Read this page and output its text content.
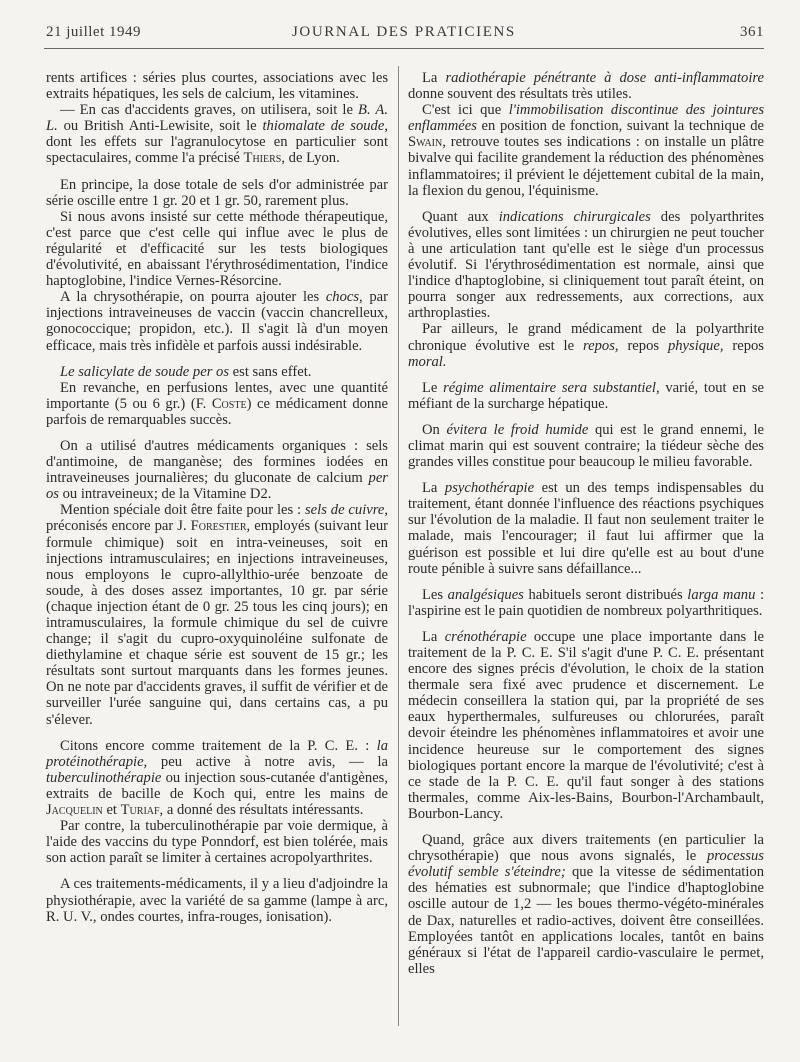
21 juillet 1949	JOURNAL DES PRATICIENS	361

rents artifices : séries plus courtes, associations avec les extraits hépatiques, les sels de calcium, les vitamines.

— En cas d'accidents graves, on utilisera, soit le B. A. L. ou British Anti-Lewisite, soit le thiomalate de soude, dont les effets sur l'agranulocytose en particulier sont spectaculaires, comme l'a précisé Thiers, de Lyon.

En principe, la dose totale de sels d'or administrée par série oscille entre 1 gr. 20 et 1 gr. 50, rarement plus.

Si nous avons insisté sur cette méthode thérapeutique, c'est parce que c'est celle qui influe avec le plus de régularité et d'efficacité sur les tests biologiques d'évolutivité, en abaissant l'érythrosédimentation, l'indice haptoglobine, l'indice Vernes-Résorcine.

A la chrysothérapie, on pourra ajouter les chocs, par injections intraveineuses de vaccin (vaccin chancrelleux, gonococcique; propidon, etc.). Il s'agit là d'un moyen efficace, mais très infidèle et parfois aussi indésirable.

Le salicylate de soude per os est sans effet.

En revanche, en perfusions lentes, avec une quantité importante (5 ou 6 gr.) (F. Coste) ce médicament donne parfois de remarquables succès.

On a utilisé d'autres médicaments organiques : sels d'antimoine, de manganèse; des formines iodées en intraveineuses journalières; du gluconate de calcium per os ou intraveineux; de la Vitamine D2.

Mention spéciale doit être faite pour les : sels de cuivre, préconisés encore par J. Forestier, employés (suivant leur formule chimique) soit en intra-veineuses, soit en injections intramusculaires; en injections intraveineuses, nous employons le cupro-allylthio-urée benzoate de soude, à des doses assez importantes, 10 gr. par série (chaque injection étant de 0 gr. 25 tous les cinq jours); en intramusculaires, la formule chimique du sel de cuivre change; il s'agit du cupro-oxyquinoléine sulfonate de diethylamine et chaque série est souvent de 15 gr.; les résultats sont surtout marquants dans les formes jeunes. On ne note par d'accidents graves, il suffit de vérifier et de surveiller l'urée sanguine qui, dans certains cas, a pu s'élever.

Citons encore comme traitement de la P. C. E. : la protéinothérapie, peu active à notre avis, — la tuberculinothérapie ou injection sous-cutanée d'antigènes, extraits de bacille de Koch qui, entre les mains de Jacquelin et Turiaf, a donné des résultats intéressants.

Par contre, la tuberculinothérapie par voie dermique, à l'aide des vaccins du type Ponndorf, est bien tolérée, mais son action paraît se limiter à certaines acropolyarthrites.

A ces traitements-médicaments, il y a lieu d'adjoindre la physiothérapie, avec la variété de sa gamme (lampe à arc, R. U. V., ondes courtes, infra-rouges, ionisation).

La radiothérapie pénétrante à dose anti-inflammatoire donne souvent des résultats très utiles.

C'est ici que l'immobilisation discontinue des jointures enflammées en position de fonction, suivant la technique de Swain, retrouve toutes ses indications : on installe un plâtre bivalve qui facilite grandement la réduction des phénomènes inflammatoires; il prévient le déjettement cubital de la main, la flexion du genou, l'équinisme.

Quant aux indications chirurgicales des polyarthrites évolutives, elles sont limitées : un chirurgien ne peut toucher à une articulation tant qu'elle est le siège d'un processus évolutif. Si l'érythrosédimentation est normale, ainsi que l'indice d'haptoglobine, si cliniquement tout paraît éteint, on pourra songer aux redressements, aux corrections, aux arthroplasties.

Par ailleurs, le grand médicament de la polyarthrite chronique évolutive est le repos, repos physique, repos moral.

Le régime alimentaire sera substantiel, varié, tout en se méfiant de la surcharge hépatique.

On évitera le froid humide qui est le grand ennemi, le climat marin qui est souvent contraire; la tiédeur sèche des grandes villes constitue pour beaucoup le milieu favorable.

La psychothérapie est un des temps indispensables du traitement, étant donnée l'influence des réactions psychiques sur l'évolution de la maladie. Il faut non seulement traiter le malade, mais l'encourager; il faut lui affirmer que la guérison est possible et lui dire qu'elle est au bout d'une route pénible à suivre sans défaillance...

Les analgésiques habituels seront distribués larga manu : l'aspirine est le pain quotidien de nombreux polyarthritiques.

La crénothérapie occupe une place importante dans le traitement de la P. C. E. S'il s'agit d'une P. C. E. présentant encore des signes précis d'évolution, le choix de la station thermale sera fixé avec prudence et discernement. Le médecin conseillera la station qui, par la propriété de ses eaux hyperthermales, sulfureuses ou chlorurées, paraît devoir éteindre les phénomènes inflammatoires et avoir une incidence heureuse sur le comportement des signes biologiques portant encore la marque de l'évolutivité; c'est à ce stade de la P. C. E. qu'il faut songer à des stations thermales, comme Aix-les-Bains, Bourbon-l'Archambault, Bourbon-Lancy.

Quand, grâce aux divers traitements (en particulier la chrysothérapie) que nous avons signalés, le processus évolutif semble s'éteindre; que la vitesse de sédimentation des hématies est subnormale; que l'indice d'haptoglobine oscille autour de 1,2 — les boues thermo-végéto-minérales de Dax, naturelles et radio-actives, doivent être conseillées. Employées tantôt en applications locales, tantôt en bains généraux si l'état de l'appareil cardio-vasculaire le permet, elles
